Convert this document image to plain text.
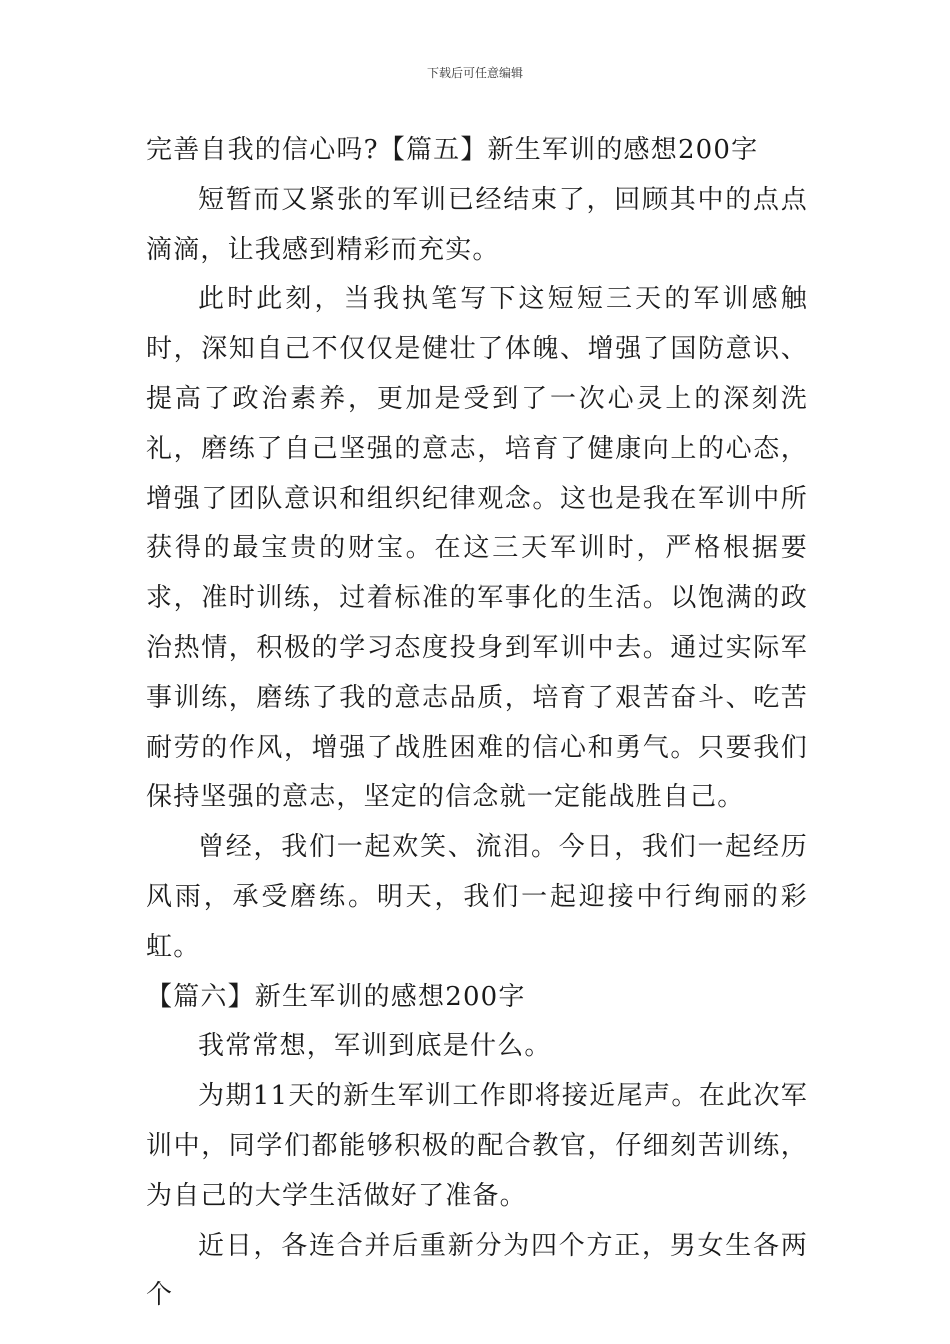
下载后可任意编辑

完善自我的信心吗?【篇五】新生军训的感想200字

短暂而又紧张的军训已经结束了，回顾其中的点点滴滴，让我感到精彩而充实。

此时此刻，当我执笔写下这短短三天的军训感触时，深知自己不仅仅是健壮了体魄、增强了国防意识、提高了政治素养，更加是受到了一次心灵上的深刻洗礼，磨练了自己坚强的意志，培育了健康向上的心态，增强了团队意识和组织纪律观念。这也是我在军训中所获得的最宝贵的财宝。在这三天军训时，严格根据要求，准时训练，过着标准的军事化的生活。以饱满的政治热情，积极的学习态度投身到军训中去。通过实际军事训练，磨练了我的意志品质，培育了艰苦奋斗、吃苦耐劳的作风，增强了战胜困难的信心和勇气。只要我们保持坚强的意志，坚定的信念就一定能战胜自己。

曾经，我们一起欢笑、流泪。今日，我们一起经历风雨，承受磨练。明天，我们一起迎接中行绚丽的彩虹。

【篇六】新生军训的感想200字

我常常想，军训到底是什么。

为期11天的新生军训工作即将接近尾声。在此次军训中，同学们都能够积极的配合教官，仔细刻苦训练，为自己的大学生活做好了准备。

近日，各连合并后重新分为四个方正，男女生各两个
